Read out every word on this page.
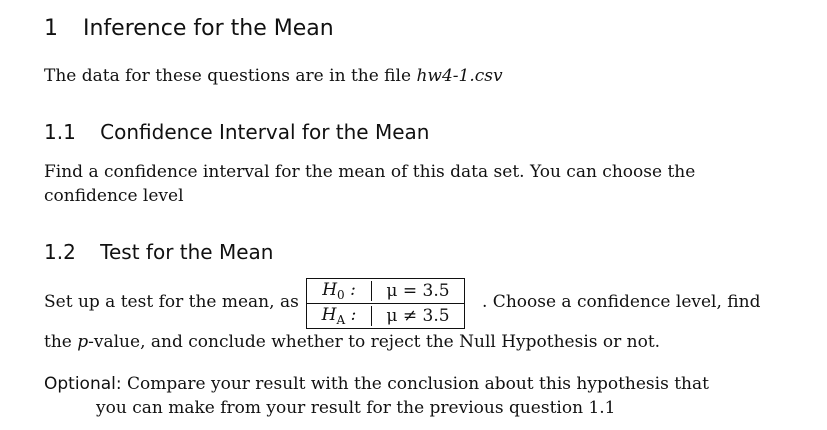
1 Inference for the Mean
The data for these questions are in the file hw4-1.csv
1.1 Confidence Interval for the Mean
Find a confidence interval for the mean of this data set. You can choose the confidence level
1.2 Test for the Mean
Set up a test for the mean, as
$H_0$ :	μ = 3.5
$H_A$ :	μ ≠ 3.5
. Choose a confidence level, find
the p-value, and conclude whether to reject the Null Hypothesis or not.
Optional: Compare your result with the conclusion about this hypothesis that
you can make from your result for the previous question 1.1
